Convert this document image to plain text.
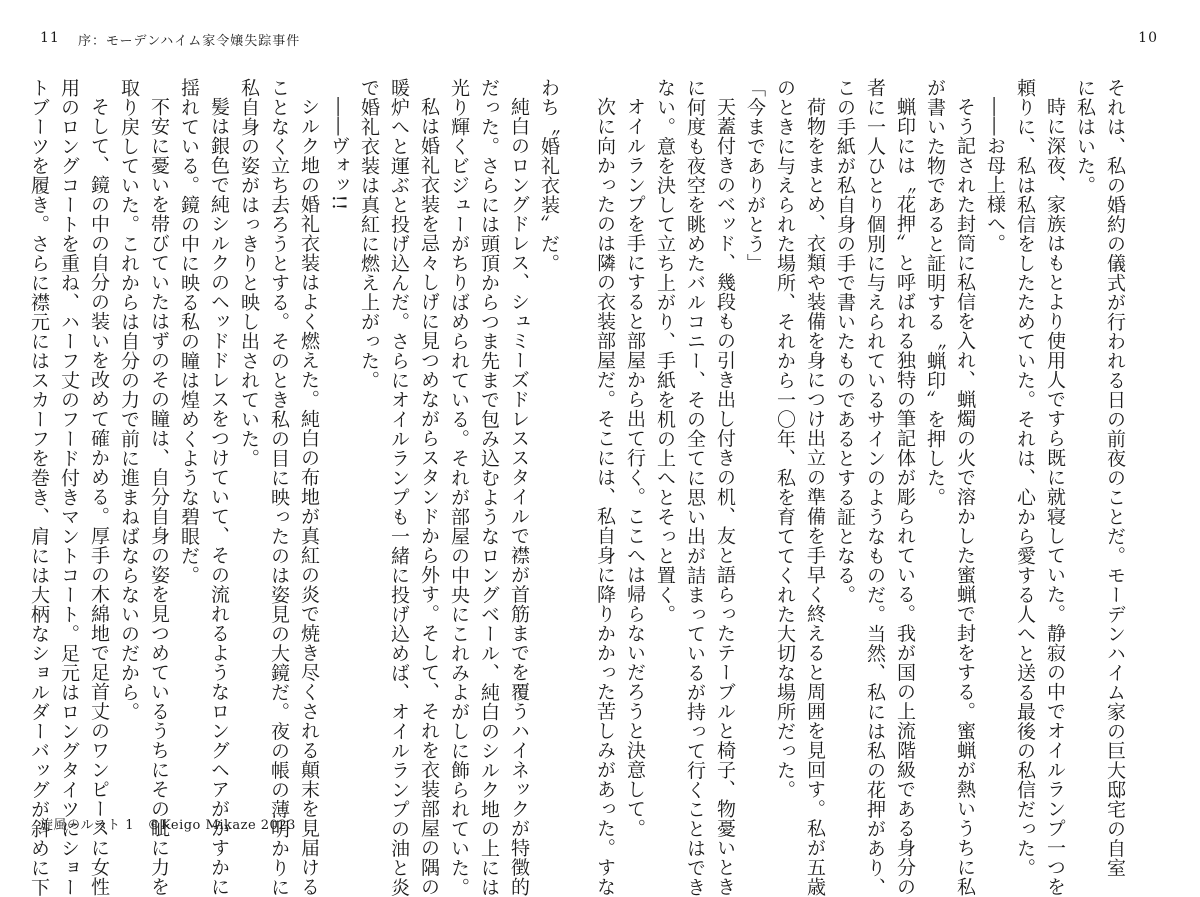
11 序：モーデンハイム家令嬢失踪事件

わち〝婚礼衣装〟だ。

純白のロングドレス、シュミーズドレススタイルで襟が首筋までを覆うハイネックが特徴的

だった。さらには頭頂からつま先まで包み込むようなロングベール、純白のシルク地の上には

光り輝くビジューがちりばめられている。それが部屋の中央にこれみよがしに飾られていた。

私は婚礼衣装を忌々しげに見つめながらスタンドから外す。そして、それを衣装部屋の隅の

暖炉へと運ぶと投げ込んだ。さらにオイルランプも一緒に投げ込めば、オイルランプの油と炎

で婚礼衣装は真紅に燃え上がった。

――ヴォッ!!

シルク地の婚礼衣装はよく燃えた。純白の布地が真紅の炎で焼き尽くされる顛末を見届ける

ことなく立ち去ろうとする。そのとき私の目に映ったのは姿見の大鏡だ。夜の帳の薄明かりに

私自身の姿がはっきりと映し出されていた。

髪は銀色で純シルクのヘッドドレスをつけていて、その流れるようなロングヘアがかすかに

揺れている。鏡の中に映る私の瞳は煌めくような碧眼だ。

不安に憂いを帯びていたはずのその瞳は、自分自身の姿を見つめているうちにその眦に力を

取り戻していた。これからは自分の力で前に進まねばならないのだから。

そして、鏡の中の自分の装いを改めて確かめる。厚手の木綿地で足首丈のワンピースに女性

用のロングコートを重ね、ハーフ丈のフード付きマントコート。足元はロングタイツにショー

トブーツを履き。さらに襟元にはスカーフを巻き、肩には大柄なショルダーバッグが斜めに下

旋風のルスト 1　©Keigo Mikaze 2023
10

それは、私の婚約の儀式が行われる日の前夜のことだ。モーデンハイム家の巨大邸宅の自室

に私はいた。

時に深夜、家族はもとより使用人ですら既に就寝していた。静寂の中でオイルランプ一つを

頼りに、私は私信をしたためていた。それは、心から愛する人へと送る最後の私信だった。

――お母上様へ。

そう記された封筒に私信を入れ、蝋燭の火で溶かした蜜蝋で封をする。蜜蝋が熱いうちに私

が書いた物であると証明する〝蝋印〟を押した。

蝋印には〝花押〟と呼ばれる独特の筆記体が彫られている。我が国の上流階級である身分の

者に一人ひとり個別に与えられているサインのようなものだ。当然、私には私の花押があり、

この手紙が私自身の手で書いたものであるとする証となる。

荷物をまとめ、衣類や装備を身につけ出立の準備を手早く終えると周囲を見回す。私が五歳

のときに与えられた場所、それから一〇年、私を育ててくれた大切な場所だった。

「今までありがとう」

天蓋付きのベッド、幾段もの引き出し付きの机、友と語らったテーブルと椅子、物憂いとき

に何度も夜空を眺めたバルコニー、その全てに思い出が詰まっているが持って行くことはでき

ない。意を決して立ち上がり、手紙を机の上へとそっと置く。

オイルランプを手にすると部屋から出て行く。ここへは帰らないだろうと決意して。

次に向かったのは隣の衣装部屋だ。そこには、私自身に降りかかった苦しみがあった。すな
